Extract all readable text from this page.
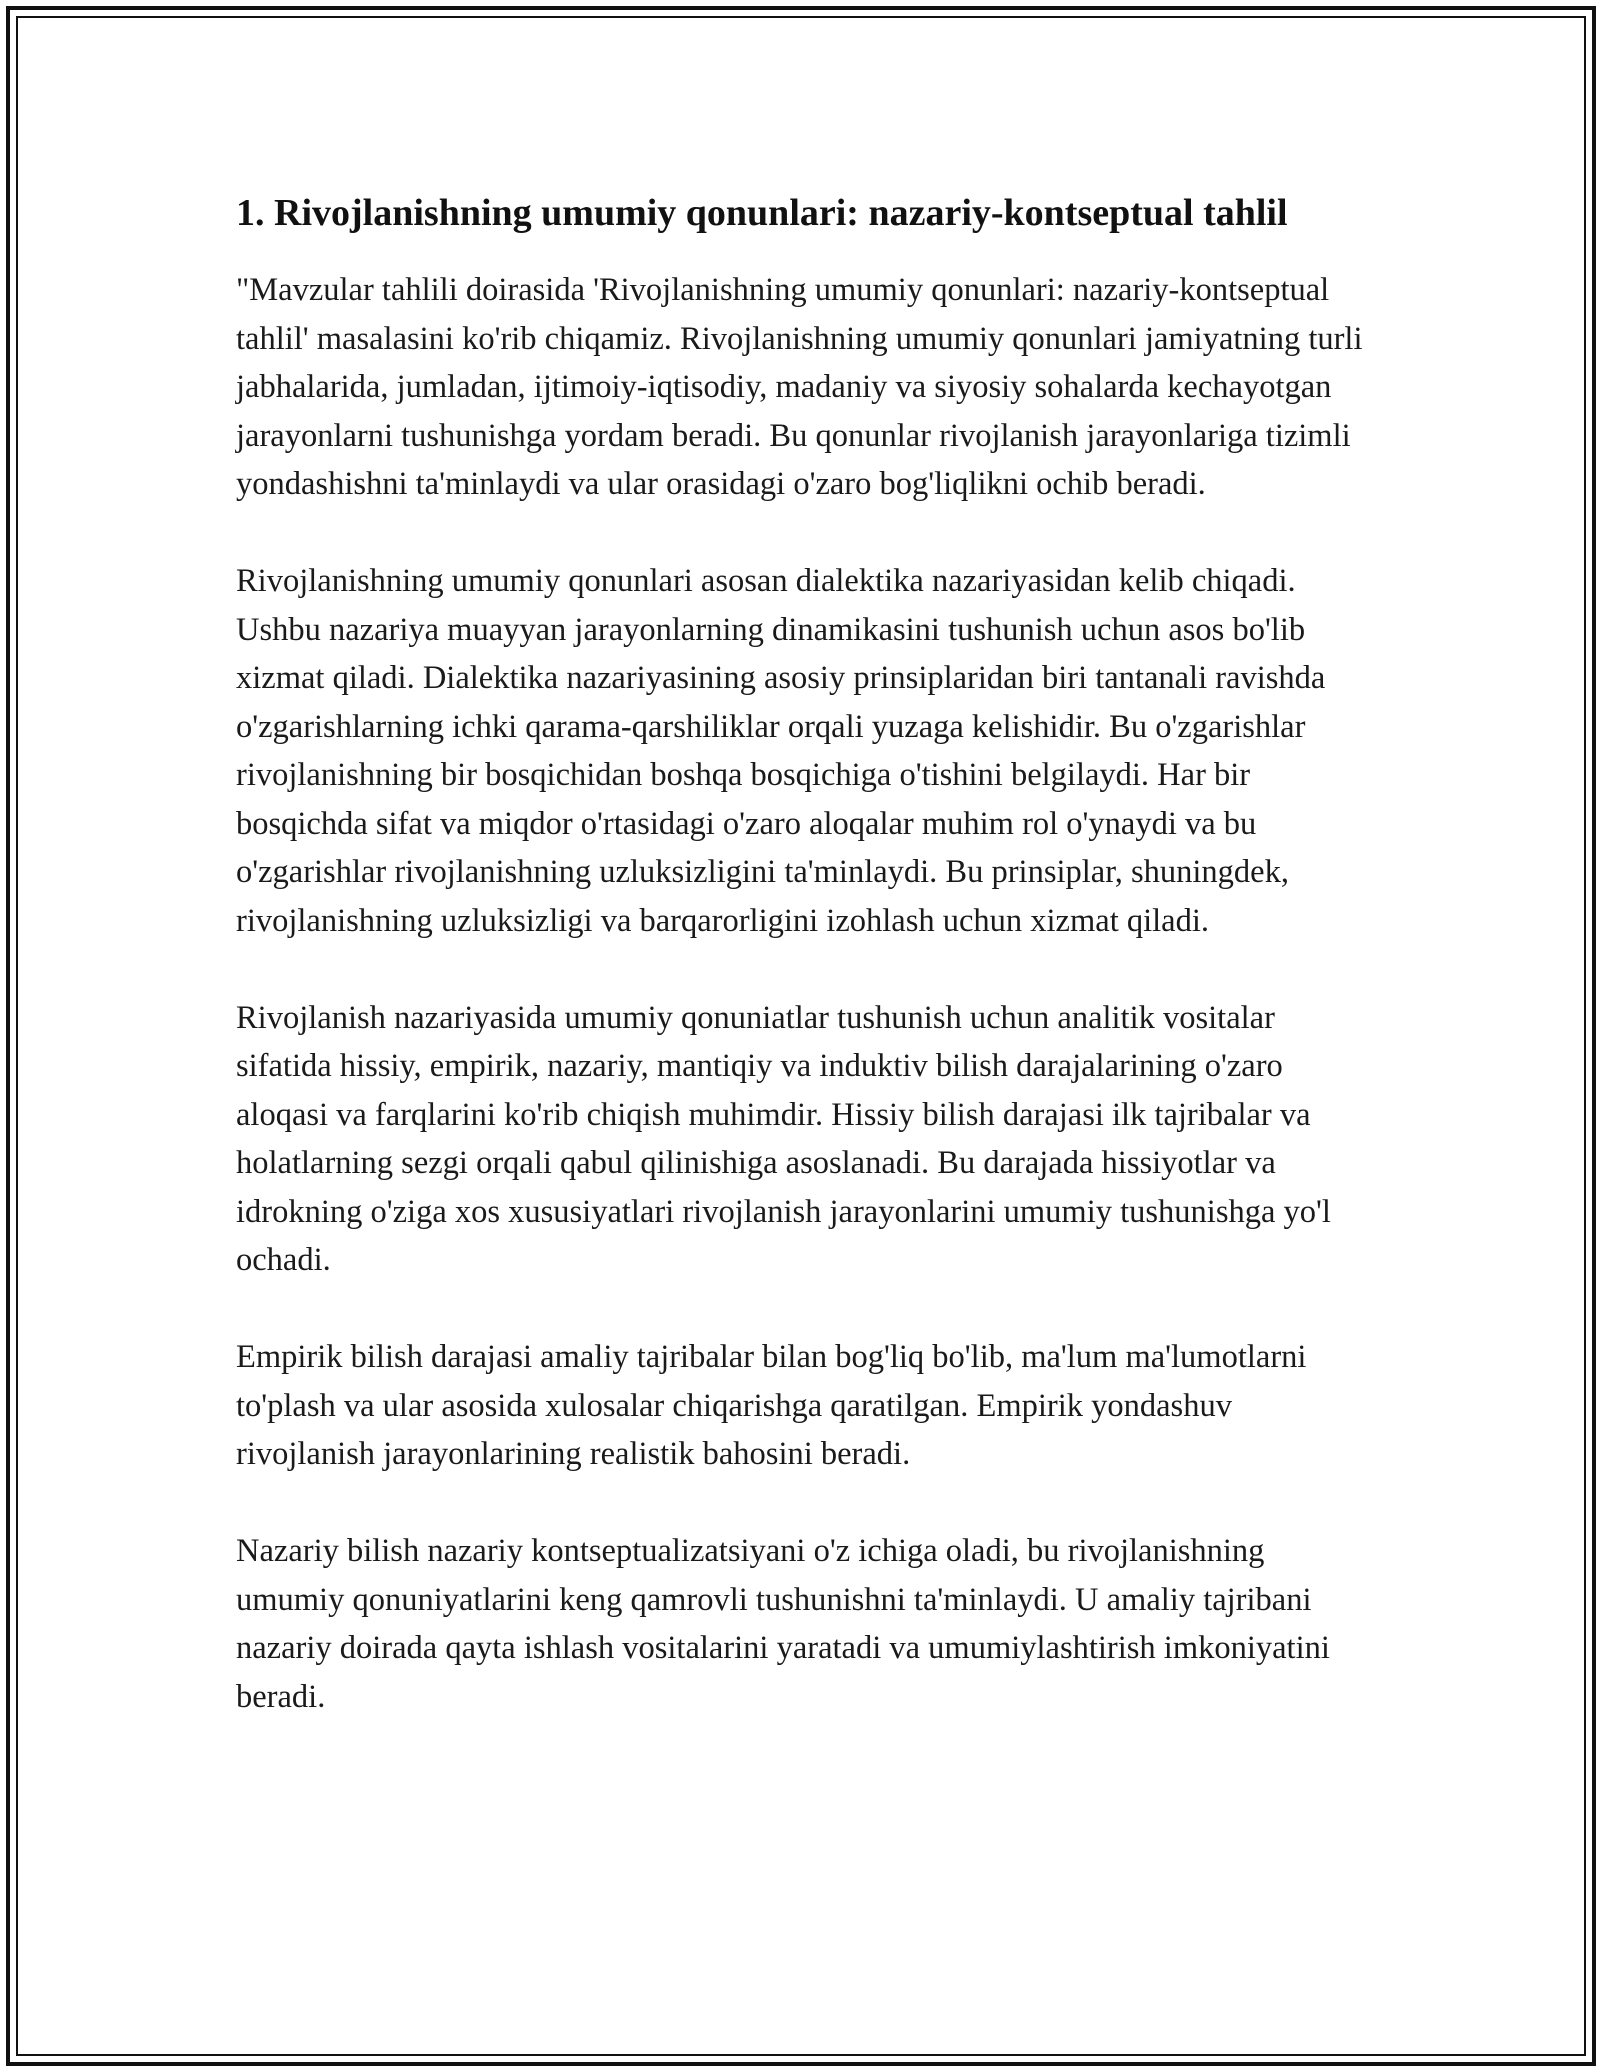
1. Rivojlanishning umumiy qonunlari: nazariy-kontseptual tahlil

"Mavzular tahlili doirasida 'Rivojlanishning umumiy qonunlari: nazariy-kontseptual tahlil' masalasini ko'rib chiqamiz. Rivojlanishning umumiy qonunlari jamiyatning turli jabhalarida, jumladan, ijtimoiy-iqtisodiy, madaniy va siyosiy sohalarda kechayotgan jarayonlarni tushunishga yordam beradi. Bu qonunlar rivojlanish jarayonlariga tizimli yondashishni ta'minlaydi va ular orasidagi o'zaro bog'liqlikni ochib beradi.

Rivojlanishning umumiy qonunlari asosan dialektika nazariyasidan kelib chiqadi. Ushbu nazariya muayyan jarayonlarning dinamikasini tushunish uchun asos bo'lib xizmat qiladi. Dialektika nazariyasining asosiy prinsiplaridan biri tantanali ravishda o'zgarishlarning ichki qarama-qarshiliklar orqali yuzaga kelishidir. Bu o'zgarishlar rivojlanishning bir bosqichidan boshqa bosqichiga o'tishini belgilaydi. Har bir bosqichda sifat va miqdor o'rtasidagi o'zaro aloqalar muhim rol o'ynaydi va bu o'zgarishlar rivojlanishning uzluksizligini ta'minlaydi. Bu prinsiplar, shuningdek, rivojlanishning uzluksizligi va barqarorligini izohlash uchun xizmat qiladi.

Rivojlanish nazariyasida umumiy qonuniatlar tushunish uchun analitik vositalar sifatida hissiy, empirik, nazariy, mantiqiy va induktiv bilish darajalarining o'zaro aloqasi va farqlarini ko'rib chiqish muhimdir. Hissiy bilish darajasi ilk tajribalar va holatlarning sezgi orqali qabul qilinishiga asoslanadi. Bu darajada hissiyotlar va idrokning o'ziga xos xususiyatlari rivojlanish jarayonlarini umumiy tushunishga yo'l ochadi.

Empirik bilish darajasi amaliy tajribalar bilan bog'liq bo'lib, ma'lum ma'lumotlarni to'plash va ular asosida xulosalar chiqarishga qaratilgan. Empirik yondashuv rivojlanish jarayonlarining realistik bahosini beradi.

Nazariy bilish nazariy kontseptualizatsiyani o'z ichiga oladi, bu rivojlanishning umumiy qonuniyatlarini keng qamrovli tushunishni ta'minlaydi. U amaliy tajribani nazariy doirada qayta ishlash vositalarini yaratadi va umumiylashtirish imkoniyatini beradi.
